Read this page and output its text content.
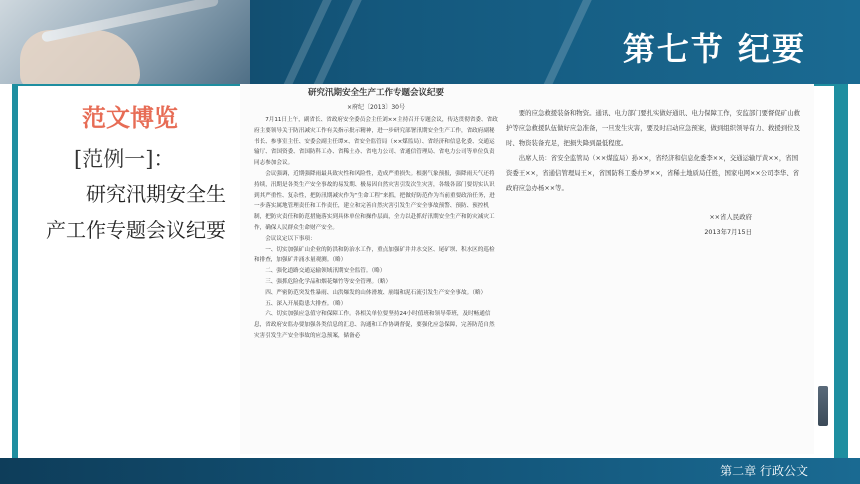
第七节 纪要
范文博览
[范例一]：
研究汛期安全生产工作专题会议纪要
研究汛期安全生产工作专题会议纪要
×府纪〔2013〕30号

7月11日上午，副省长、省政府安全委员会主任刘××主持召开专题会议，传达贯彻省委、省政府主要领导关于防汛减灾工作有关指示批示精神，进一步研究部署汛期安全生产工作，省政府副秘书长、参事室主任、安委会副主任谭×、省安全监管局（××煤监局）、省经济和信息化委、交通运输厅、省国资委、省国防科工办、省稀土办、省电力公司、省通信管理局、省电力公司等单位负责同志参加会议。

会议强调，近期强降雨最具致灾性和风险性，造成严重损失。根据气象预报，强降雨天气还将持续，汛期是各类生产安全事故的易发期、极易因自然灾害引发次生灾害，各级各部门要切实认识到其严重性、复杂性，把防汛期减灾作为“生命工程”来抓，把做好防范作为当前重要政治任务，进一步落实属地管理责任和工作责任，建立和完善自然灾害引发生产安全事故预警、预防、预控机制，把防灾责任和防范措施落实到具体单位和操作层面，全力以赴抓好汛期安全生产和防灾减灾工作，确保人民群众生命财产安全。

会议议定以下事项：

一、切实加强矿山企业的防洪和防治水工作，重点加强矿井井水交区、尾矿坝、积水区的巡检和排查，加强矿井涌水量观测。（略）

二、强化道路交通运输领域汛期安全监管。（略）

三、强抓危险化学品和烟花爆竹等安全管理。（略）

四、严密防范突发性暴雨、山洪爆发的山体滑坡、崩塌和泥石流引发生产安全事故。（略）

五、深入开展隐患大排查。（略）

六、切实加强应急值守和保障工作。各相关单位要坚持24小时值班和领导带班，及时畅通信息，省政府安监办要加强各类信息的汇总、沟通和工作协调督促，要强化应急保障，完善防范自然灾害引发生产安全事故的应急预案，储备必

要的应急救援装备和物资。通讯、电力部门要扎实做好通讯、电力保障工作，安监部门要督促矿山救护等应急救援队伍做好应急准备，一旦发生灾害，要及时启动应急预案，做到组织领导有力、救援到位及时、物资装备充足，把损失降到最低程度。

出席人员：省安全监管局（××煤监局）孙××，省经济和信息化委李××，交通运输厅黄××，省国资委王××，省通信管理局王×，省国防科工委办罗××，省稀土地质局任胜，国家电网××公司李华、省政府应急办杨××等。

××省人民政府

2013年7月15日

第二章 行政公文
